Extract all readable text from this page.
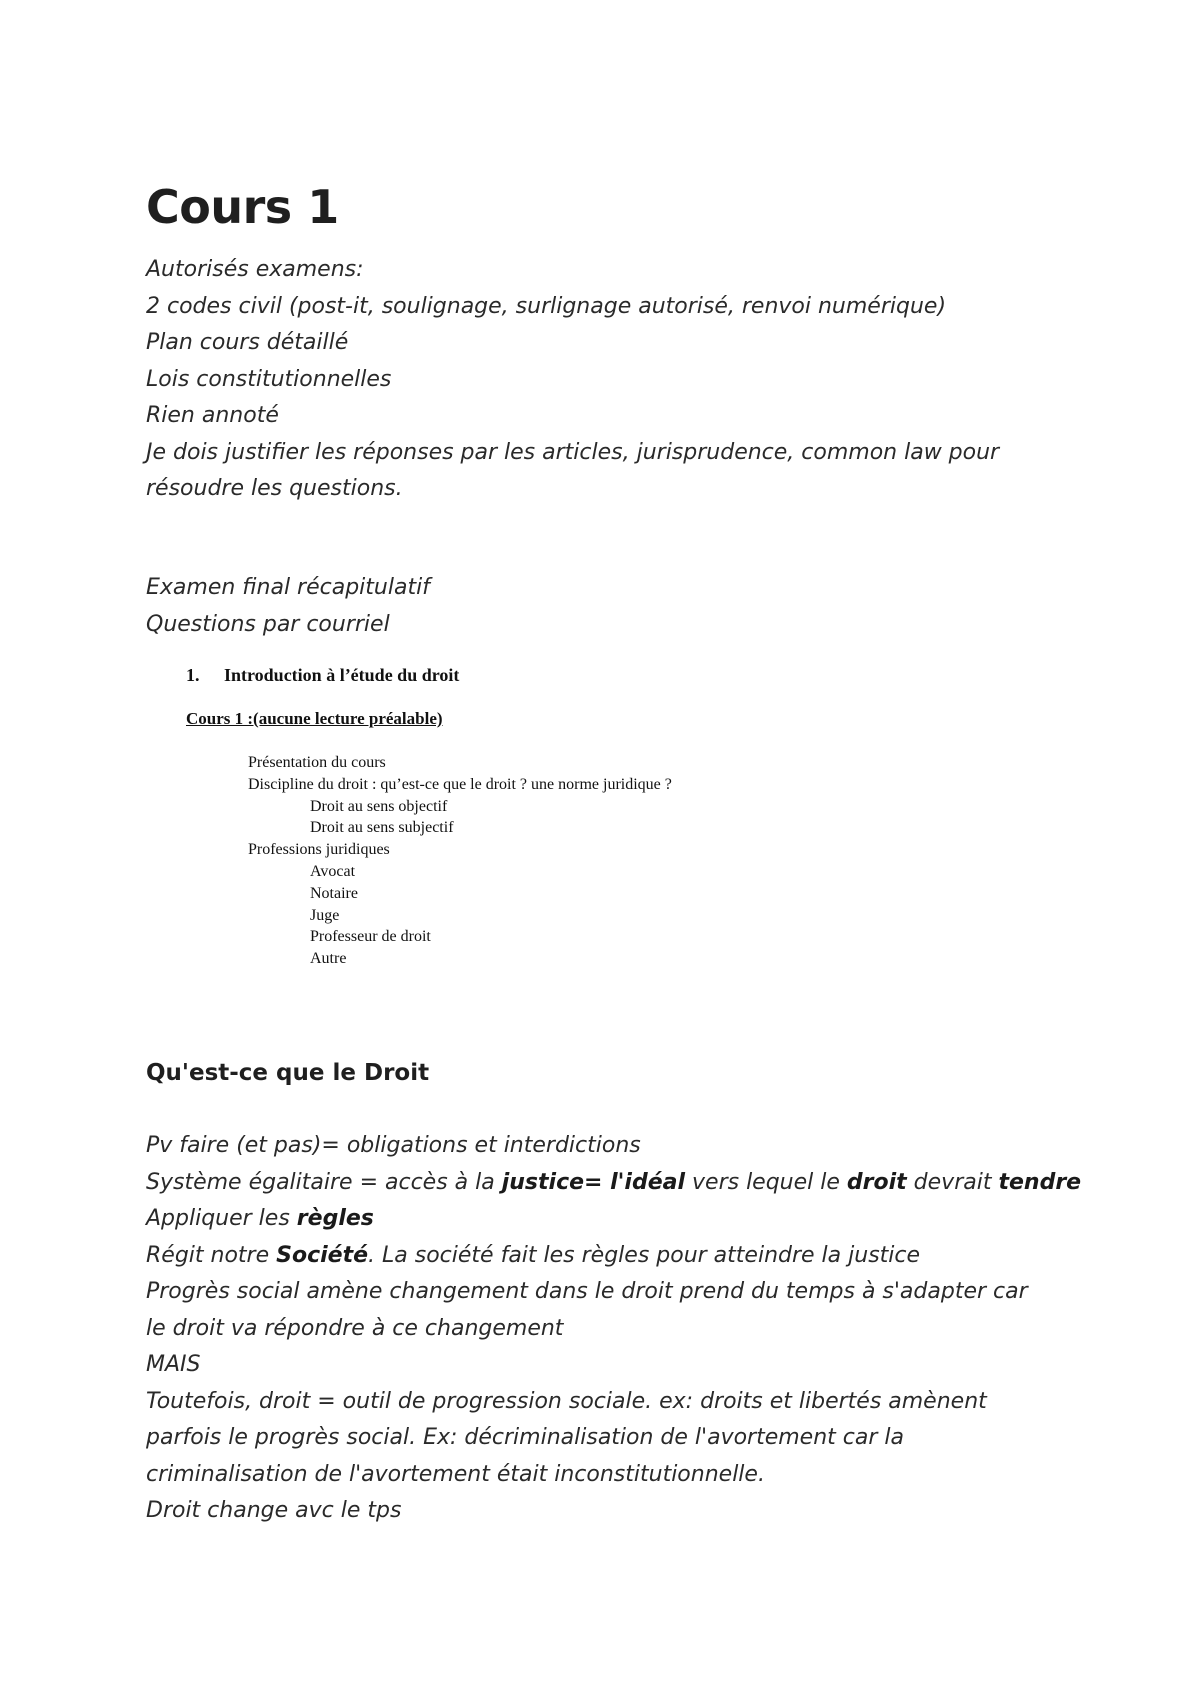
Cours 1
Autorisés examens:
2 codes civil (post-it, soulignage, surlignage autorisé, renvoi numérique)
Plan cours détaillé
Lois constitutionnelles
Rien annoté
Je dois justifier les réponses par les articles, jurisprudence, common law pour résoudre les questions.
Examen final récapitulatif
Questions par courriel
1. Introduction à l’étude du droit
Cours 1 :(aucune lecture préalable)
Présentation du cours
Discipline du droit : qu’est-ce que le droit ? une norme juridique ?
Droit au sens objectif
Droit au sens subjectif
Professions juridiques
Avocat
Notaire
Juge
Professeur de droit
Autre
Qu'est-ce que le Droit
Pv faire (et pas)= obligations et interdictions
Système égalitaire = accès à la justice= l'idéal vers lequel le droit devrait tendre
Appliquer les règles
Régit notre Société. La société fait les règles pour atteindre la justice
Progrès social amène changement dans le droit prend du temps à s'adapter car le droit va répondre à ce changement
MAIS
Toutefois, droit = outil de progression sociale. ex: droits et libertés amènent parfois le progrès social. Ex: décriminalisation de l'avortement car la criminalisation de l'avortement était inconstitutionnelle.
Droit change avc le tps
